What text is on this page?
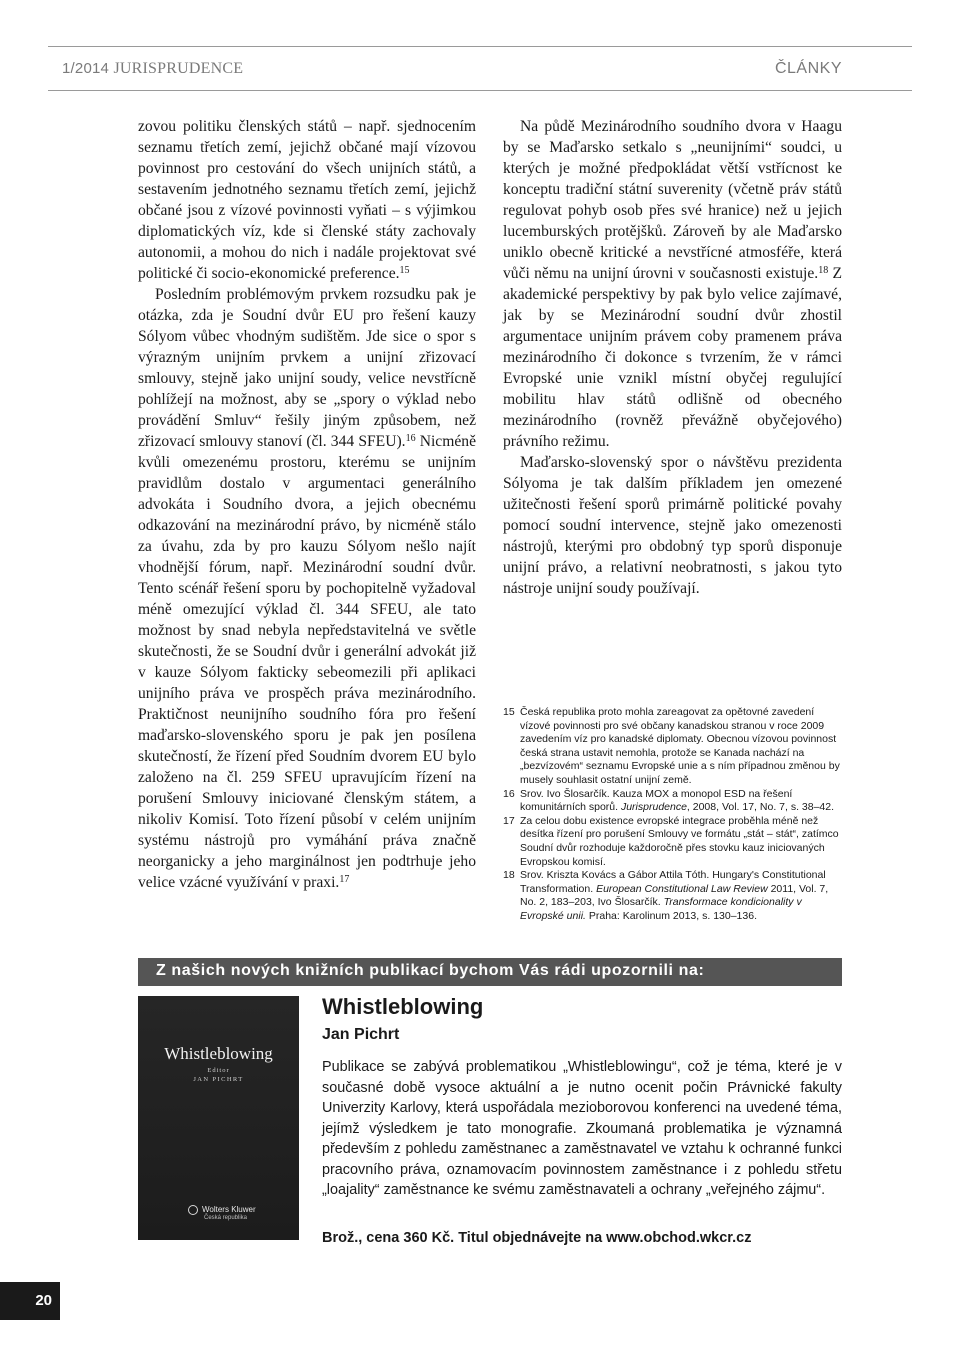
1/2014 JURISPRUDENCE	ČLÁNKY

zovou politiku členských států – např. sjednocením seznamu třetích zemí, jejichž občané mají vízovou povinnost pro cestování do všech unijních států, a sestavením jednotného seznamu třetích zemí, jejichž občané jsou z vízové povinnosti vyňati – s výjimkou diplomatických víz, kde si členské státy zachovaly autonomii, a mohou do nich i nadále projektovat své politické či socio-ekonomické preference.$^{15}$

Posledním problémovým prvkem rozsudku pak je otázka, zda je Soudní dvůr EU pro řešení kauzy Sólyom vůbec vhodným sudištěm. Jde sice o spor s výrazným unijním prvkem a unijní zřizovací smlouvy, stejně jako unijní soudy, velice nevstřícně pohlížejí na možnost, aby se „spory o výklad nebo provádění Smluv“ řešily jiným způsobem, než zřizovací smlouvy stanoví (čl. 344 SFEU).$^{16}$ Nicméně kvůli omezenému prostoru, kterému se unijním pravidlům dostalo v argumentaci generálního advokáta i Soudního dvora, a jejich obecnému odkazování na mezinárodní právo, by nicméně stálo za úvahu, zda by pro kauzu Sólyom nešlo najít vhodnější fórum, např. Mezinárodní soudní dvůr. Tento scénář řešení sporu by pochopitelně vyžadoval méně omezující výklad čl. 344 SFEU, ale tato možnost by snad nebyla nepředstavitelná ve světle skutečnosti, že se Soudní dvůr i generální advokát již v kauze Sólyom fakticky sebeomezili při aplikaci unijního práva ve prospěch práva mezinárodního. Praktičnost neunijního soudního fóra pro řešení maďarsko-slovenského sporu je pak jen posílena skutečností, že řízení před Soudním dvorem EU bylo založeno na čl. 259 SFEU upravujícím řízení na porušení Smlouvy iniciované členským státem, a nikoliv Komisí. Toto řízení působí v celém unijním systému nástrojů pro vymáhání práva značně neorganicky a jeho marginálnost jen podtrhuje jeho velice vzácné využívání v praxi.$^{17}$

Na půdě Mezinárodního soudního dvora v Haagu by se Maďarsko setkalo s „neunijními“ soudci, u kterých je možné předpokládat větší vstřícnost ke konceptu tradiční státní suverenity (včetně práv států regulovat pohyb osob přes své hranice) než u jejich lucemburských protějšků. Zároveň by ale Maďarsko uniklo obecně kritické a nevstřícné atmosféře, která vůči němu na unijní úrovni v současnosti existuje.$^{18}$ Z akademické perspektivy by pak bylo velice zajímavé, jak by se Mezinárodní soudní dvůr zhostil argumentace unijním právem coby pramenem práva mezinárodního či dokonce s tvrzením, že v rámci Evropské unie vznikl místní obyčej regulující mobilitu hlav států odlišně od obecného mezinárodního (rovněž převážně obyčejového) právního režimu.

Maďarsko-slovenský spor o návštěvu prezidenta Sólyoma je tak dalším příkladem jen omezené užitečnosti řešení sporů primárně politické povahy pomocí soudní intervence, stejně jako omezenosti nástrojů, kterými pro obdobný typ sporů disponuje unijní právo, a relativní neobratnosti, s jakou tyto nástroje unijní soudy používají.

15 Česká republika proto mohla zareagovat za opětovné zavedení vízové povinnosti pro své občany kanadskou stranou v roce 2009 zavedením víz pro kanadské diplomaty. Obecnou vízovou povinnost česká strana ustavit nemohla, protože se Kanada nachází na „bezvízovém“ seznamu Evropské unie a s ním případnou změnou by musely souhlasit ostatní unijní země.
16 Srov. Ivo Šlosarčík. Kauza MOX a monopol ESD na řešení komunitárních sporů. Jurisprudence, 2008, Vol. 17, No. 7, s. 38–42.
17 Za celou dobu existence evropské integrace proběhla méně než desítka řízení pro porušení Smlouvy ve formátu „stát – stát“, zatímco Soudní dvůr rozhoduje každoročně přes stovku kauz iniciovaných Evropskou komisí.
18 Srov. Kriszta Kovács a Gábor Attila Tóth. Hungary's Constitutional Transformation. European Constitutional Law Review 2011, Vol. 7, No. 2, 183–203, Ivo Šlosarčík. Transformace kondicionality v Evropské unii. Praha: Karolinum 2013, s. 130–136.
Z našich nových knižních publikací bychom Vás rádi upozornili na:
Whistleblowing
Editor
JAN PICHRT
Wolters Kluwer
Česká republika
Whistleblowing
Jan Pichrt

Publikace se zabývá problematikou „Whistleblowingu“, což je téma, které je v současné době vysoce aktuální a je nutno ocenit počin Právnické fakulty Univerzity Karlovy, která uspořádala mezioborovou konferenci na uvedené téma, jejímž výsledkem je tato monografie. Zkoumaná problematika je významná především z pohledu zaměstnanec a zaměstnavatel ve vztahu k ochranné funkci pracovního práva, oznamovacím povinnostem zaměstnance i z pohledu střetu „loajality“ zaměstnance ke svému zaměstnavateli a ochrany „veřejného zájmu“.

Brož., cena 360 Kč. Titul objednávejte na www.obchod.wkcr.cz
20
